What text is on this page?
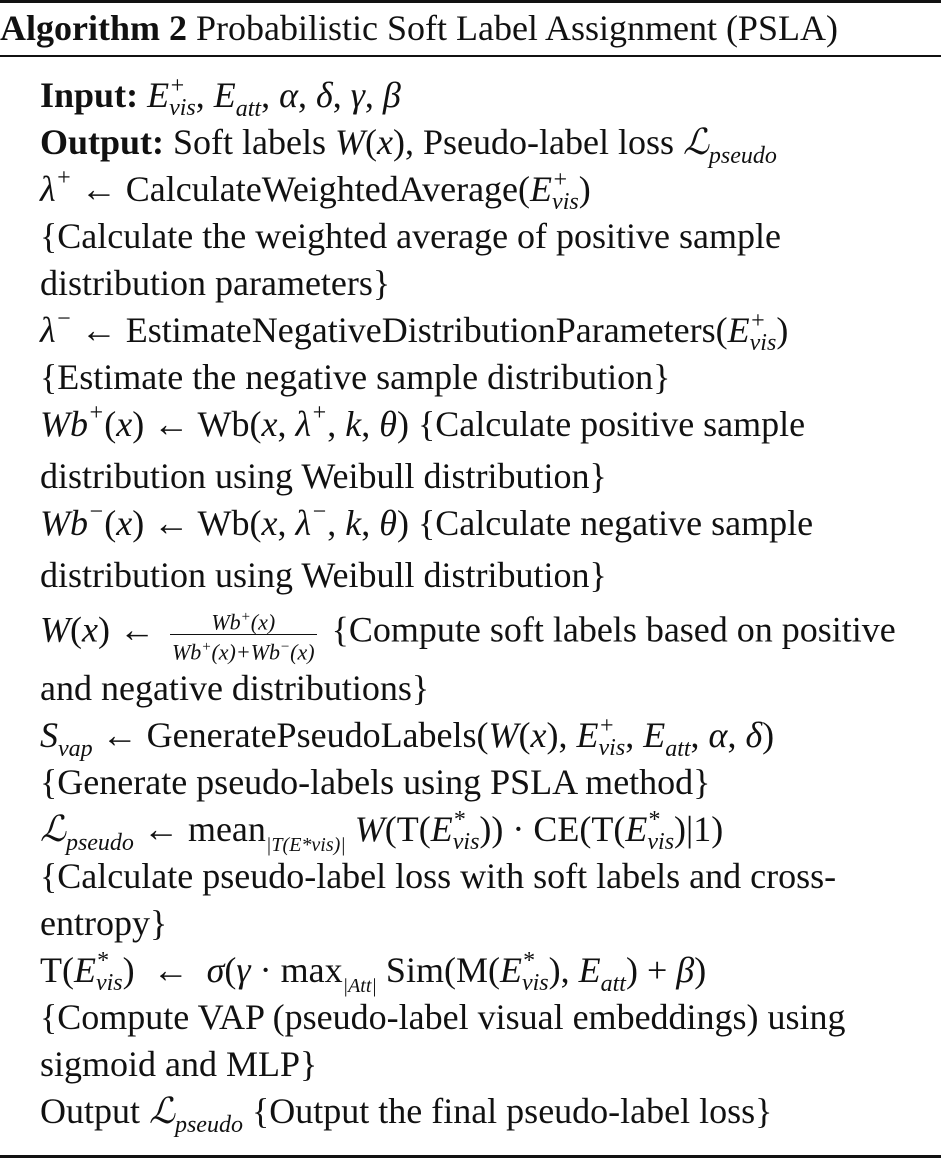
Algorithm 2 Probabilistic Soft Label Assignment (PSLA)
Input: E +
vis , $E_{att}$, α, δ, γ, β
Output: Soft labels W(x), Pseudo-label loss ℒ$_{pseudo}$
λ+ ← CalculateWeightedAverage(E +
vis )
{Calculate the weighted average of positive sample distribution parameters}
λ− ← EstimateNegativeDistributionParameters(E +
vis )
{Estimate the negative sample distribution}
Wb+(x) ← Wb(x, λ+, k, θ) {Calculate positive sample distribution using Weibull distribution}
Wb−(x) ← Wb(x, λ−, k, θ) {Calculate negative sample distribution using Weibull distribution}
W(x) ← $\frac{Wb^+(x)}{Wb^+(x)+Wb^-(x)}$ {Compute soft labels based on positive and negative distributions}
$S_{vap}$ ← GeneratePseudoLabels(W(x), E +
vis , $E_{att}$, α, δ)
{Generate pseudo-labels using PSLA method}
ℒ$_{pseudo}$ ← mean$_{|T(E*vis)|}$ W(T(E *
vis )) · CE(T(E *
vis )|1)
{Calculate pseudo-label loss with soft labels and cross-entropy}
T(E *
vis )  ←  $\sigma(\gamma \cdot \max_{|Att|} Sim(M(E$ *
vis ), $E_{att}) + \beta$)
{Compute VAP (pseudo-label visual embeddings) using sigmoid and MLP}
Output ℒ$_{pseudo}$ {Output the final pseudo-label loss}
